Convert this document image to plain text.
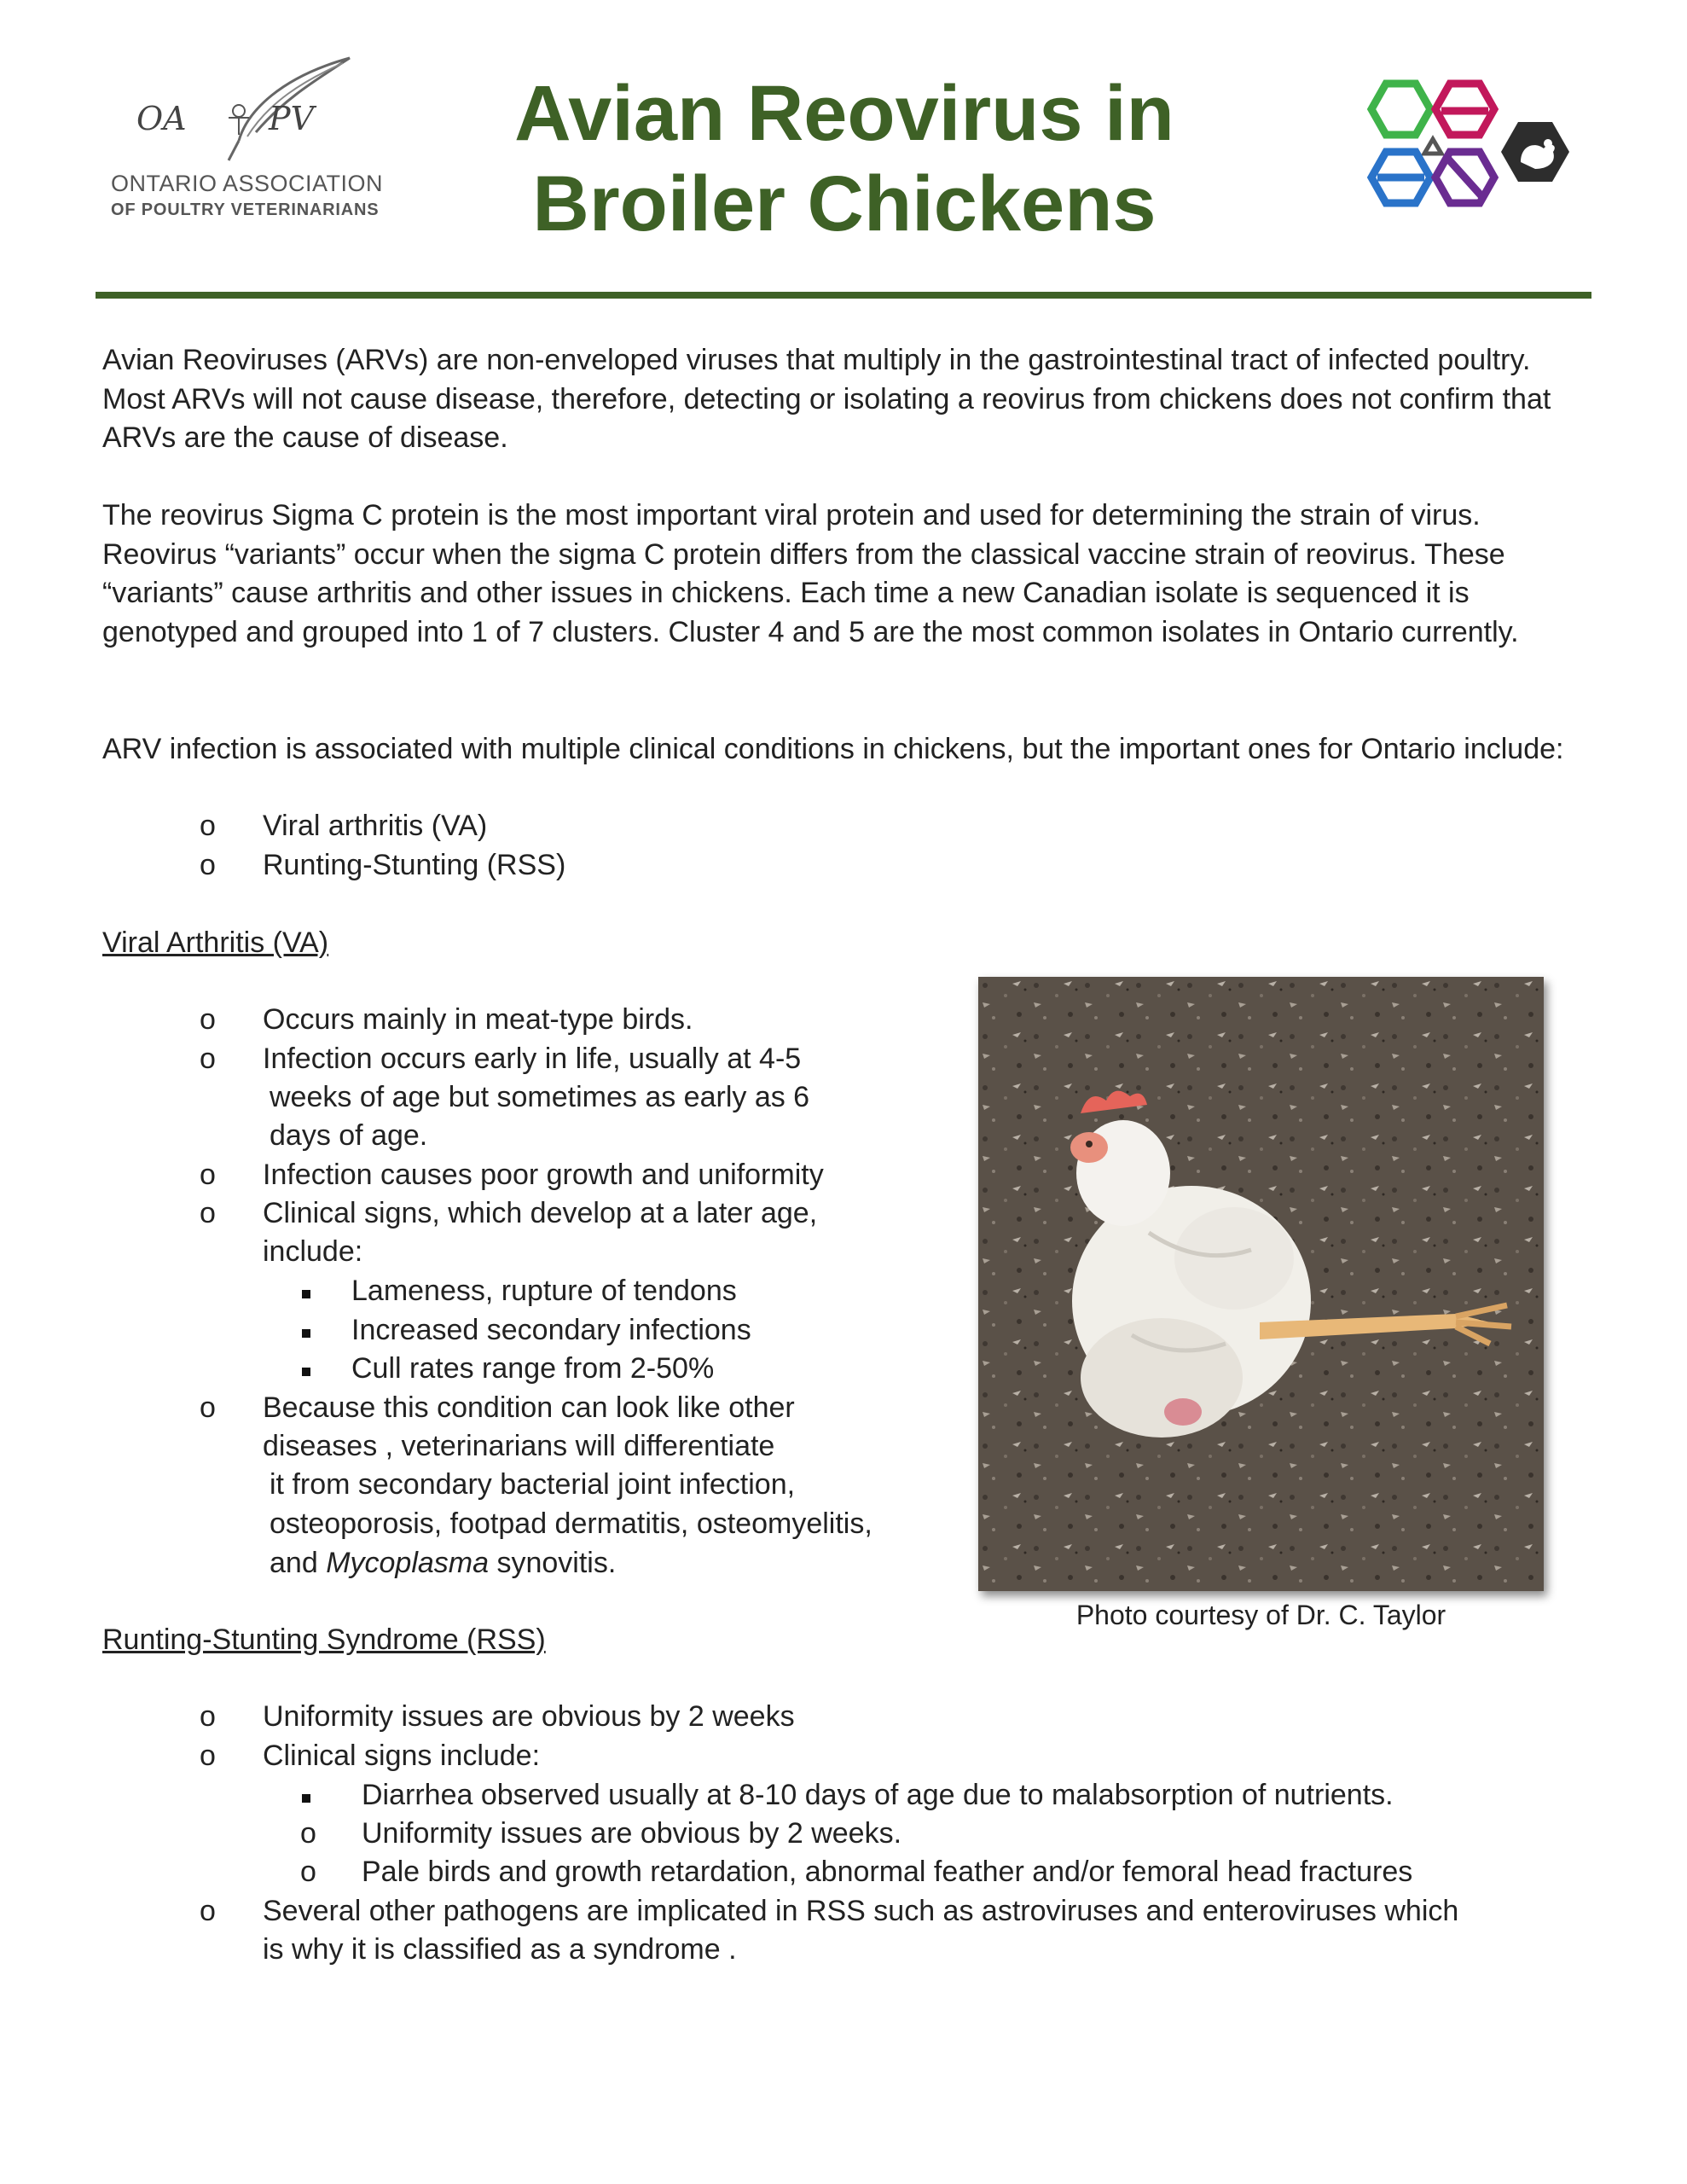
OA	PV
ONTARIO ASSOCIATION
OF POULTRY VETERINARIANS
Avian Reovirus in
Broiler Chickens
Avian Reoviruses (ARVs) are non-enveloped viruses that multiply in the gastrointestinal tract of infected poultry. Most ARVs will not cause disease, therefore, detecting or isolating a reovirus from chickens does not confirm that ARVs are the cause of disease.
The reovirus Sigma C protein is the most important viral protein and used for determining the strain of virus. Reovirus “variants” occur when the sigma C protein differs from the classical vaccine strain of reovirus. These “variants” cause arthritis and other issues in chickens. Each time a new Canadian isolate is sequenced it is genotyped and grouped into 1 of 7 clusters. Cluster 4 and 5 are the most common isolates in Ontario currently.
ARV infection is associated with multiple clinical conditions in chickens, but the important ones for Ontario include:
o Viral arthritis (VA)
o Runting-Stunting (RSS)
Viral Arthritis (VA)
o Occurs mainly in meat-type birds.
o Infection occurs early in life, usually at 4-5
weeks of age but sometimes as early as 6
days of age.
o Infection causes poor growth and uniformity
o Clinical signs, which develop at a later age,
include:
Lameness, rupture of tendons
Increased secondary infections
Cull rates range from 2-50%
o Because this condition can look like other
diseases , veterinarians will differentiate
it from secondary bacterial joint infection,
osteoporosis, footpad dermatitis, osteomyelitis,
and Mycoplasma synovitis.
Photo courtesy of Dr. C. Taylor
Runting-Stunting Syndrome (RSS)
o Uniformity issues are obvious by 2 weeks
o Clinical signs include:
Diarrhea observed usually at 8-10 days of age due to malabsorption of nutrients.
o Uniformity issues are obvious by 2 weeks.
o Pale birds and growth retardation, abnormal feather and/or femoral head fractures
o Several other pathogens are implicated in RSS such as astroviruses and enteroviruses which
is why it is classified as a syndrome .
